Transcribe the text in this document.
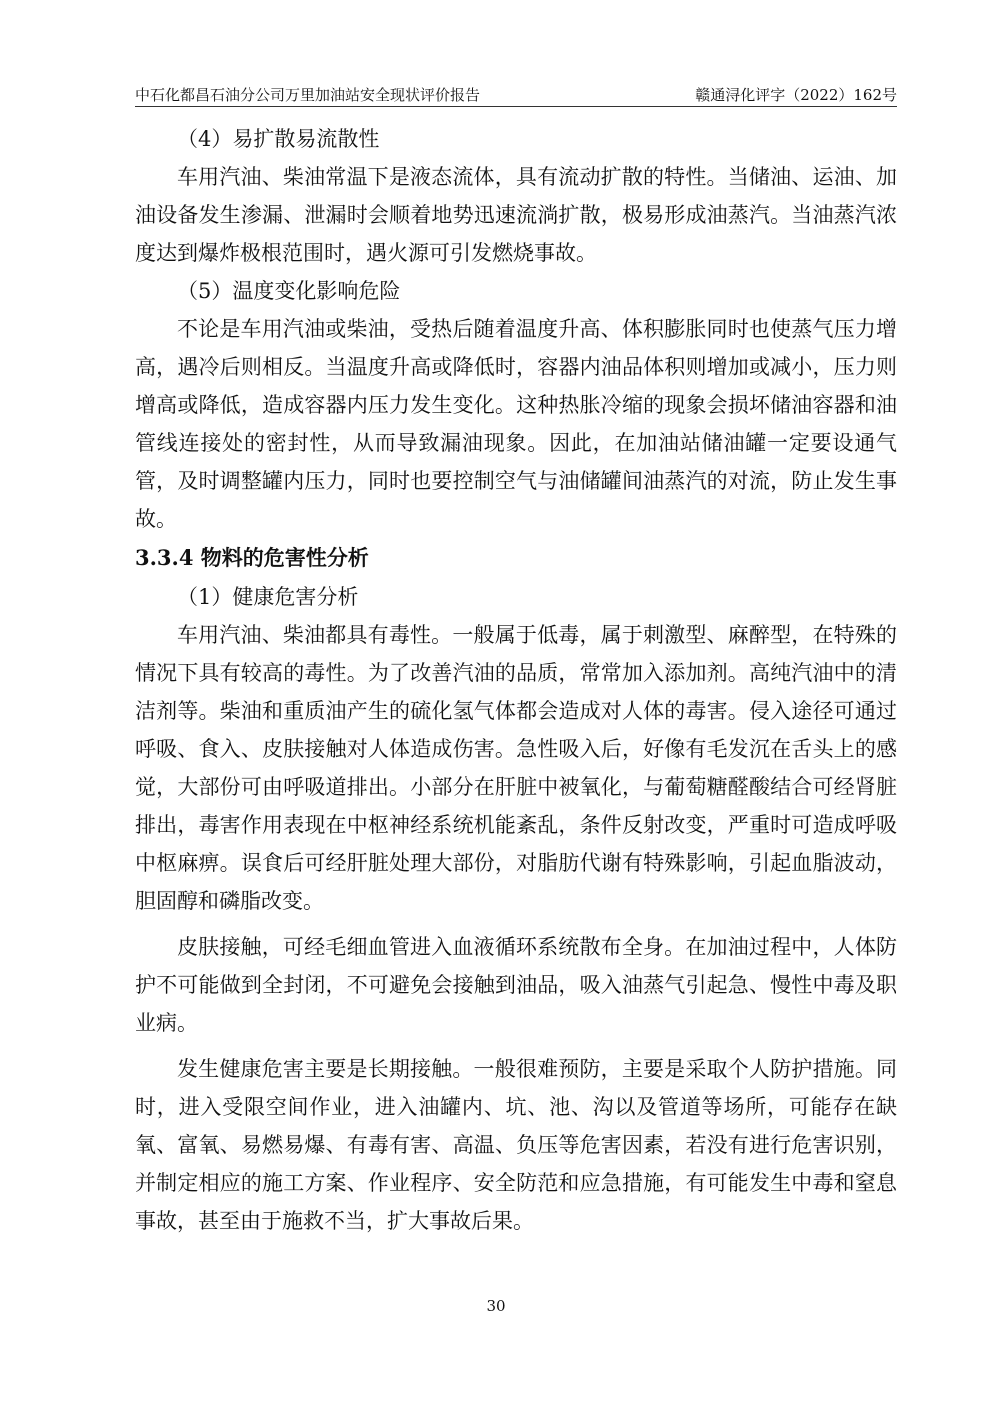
中石化都昌石油分公司万里加油站安全现状评价报告	赣通浔化评字（2022）162号

（4）易扩散易流散性

车用汽油、柴油常温下是液态流体，具有流动扩散的特性。当储油、运油、加油设备发生渗漏、泄漏时会顺着地势迅速流淌扩散，极易形成油蒸汽。当油蒸汽浓度达到爆炸极根范围时，遇火源可引发燃烧事故。

（5）温度变化影响危险

不论是车用汽油或柴油，受热后随着温度升高、体积膨胀同时也使蒸气压力增高，遇冷后则相反。当温度升高或降低时，容器内油品体积则增加或减小，压力则增高或降低，造成容器内压力发生变化。这种热胀冷缩的现象会损坏储油容器和油管线连接处的密封性，从而导致漏油现象。因此，在加油站储油罐一定要设通气管，及时调整罐内压力，同时也要控制空气与油储罐间油蒸汽的对流，防止发生事故。

3.3.4 物料的危害性分析

（1）健康危害分析

车用汽油、柴油都具有毒性。一般属于低毒，属于刺激型、麻醉型，在特殊的情况下具有较高的毒性。为了改善汽油的品质，常常加入添加剂。高纯汽油中的清洁剂等。柴油和重质油产生的硫化氢气体都会造成对人体的毒害。侵入途径可通过呼吸、食入、皮肤接触对人体造成伤害。急性吸入后，好像有毛发沉在舌头上的感觉，大部份可由呼吸道排出。小部分在肝脏中被氧化，与葡萄糖醛酸结合可经肾脏排出，毒害作用表现在中枢神经系统机能紊乱，条件反射改变，严重时可造成呼吸中枢麻痹。误食后可经肝脏处理大部份，对脂肪代谢有特殊影响，引起血脂波动，胆固醇和磷脂改变。

皮肤接触，可经毛细血管进入血液循环系统散布全身。在加油过程中，人体防护不可能做到全封闭，不可避免会接触到油品，吸入油蒸气引起急、慢性中毒及职业病。

发生健康危害主要是长期接触。一般很难预防，主要是采取个人防护措施。同时，进入受限空间作业，进入油罐内、坑、池、沟以及管道等场所，可能存在缺氧、富氧、易燃易爆、有毒有害、高温、负压等危害因素，若没有进行危害识别，并制定相应的施工方案、作业程序、安全防范和应急措施，有可能发生中毒和窒息事故，甚至由于施救不当，扩大事故后果。

30
